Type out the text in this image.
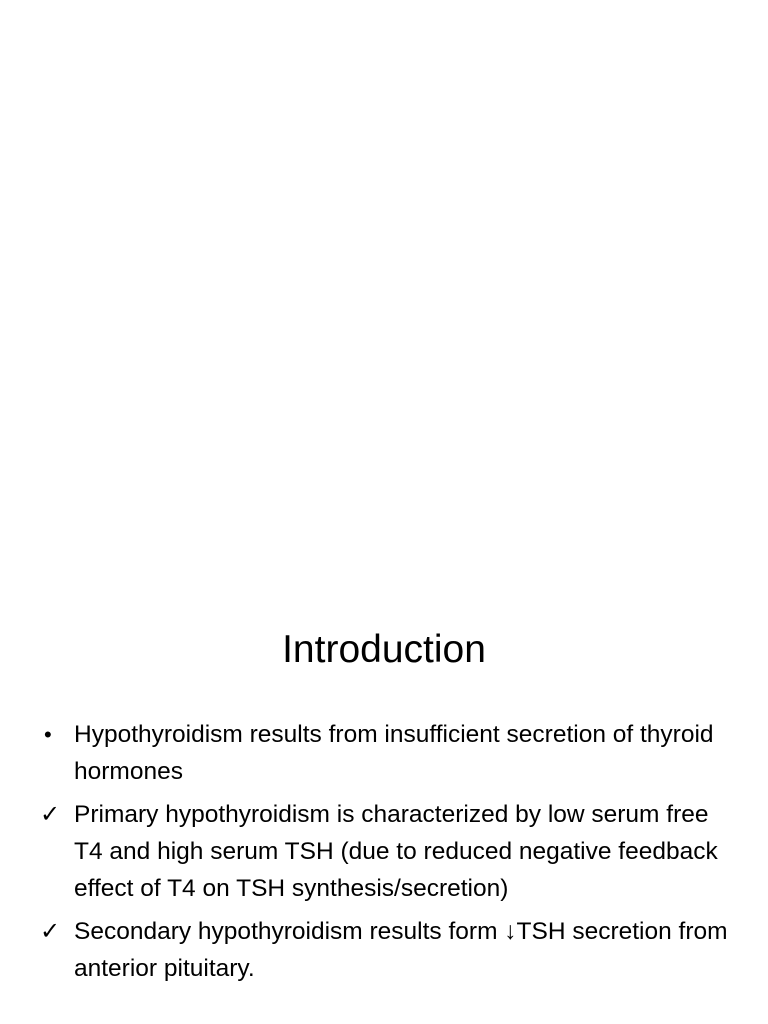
Introduction
• Hypothyroidism results from insufficient secretion of thyroid hormones
✓ Primary hypothyroidism is characterized by low serum free T4 and high serum TSH (due to reduced negative feedback effect of T4 on TSH synthesis/secretion)
✓ Secondary hypothyroidism results form ↓TSH secretion from anterior pituitary.
